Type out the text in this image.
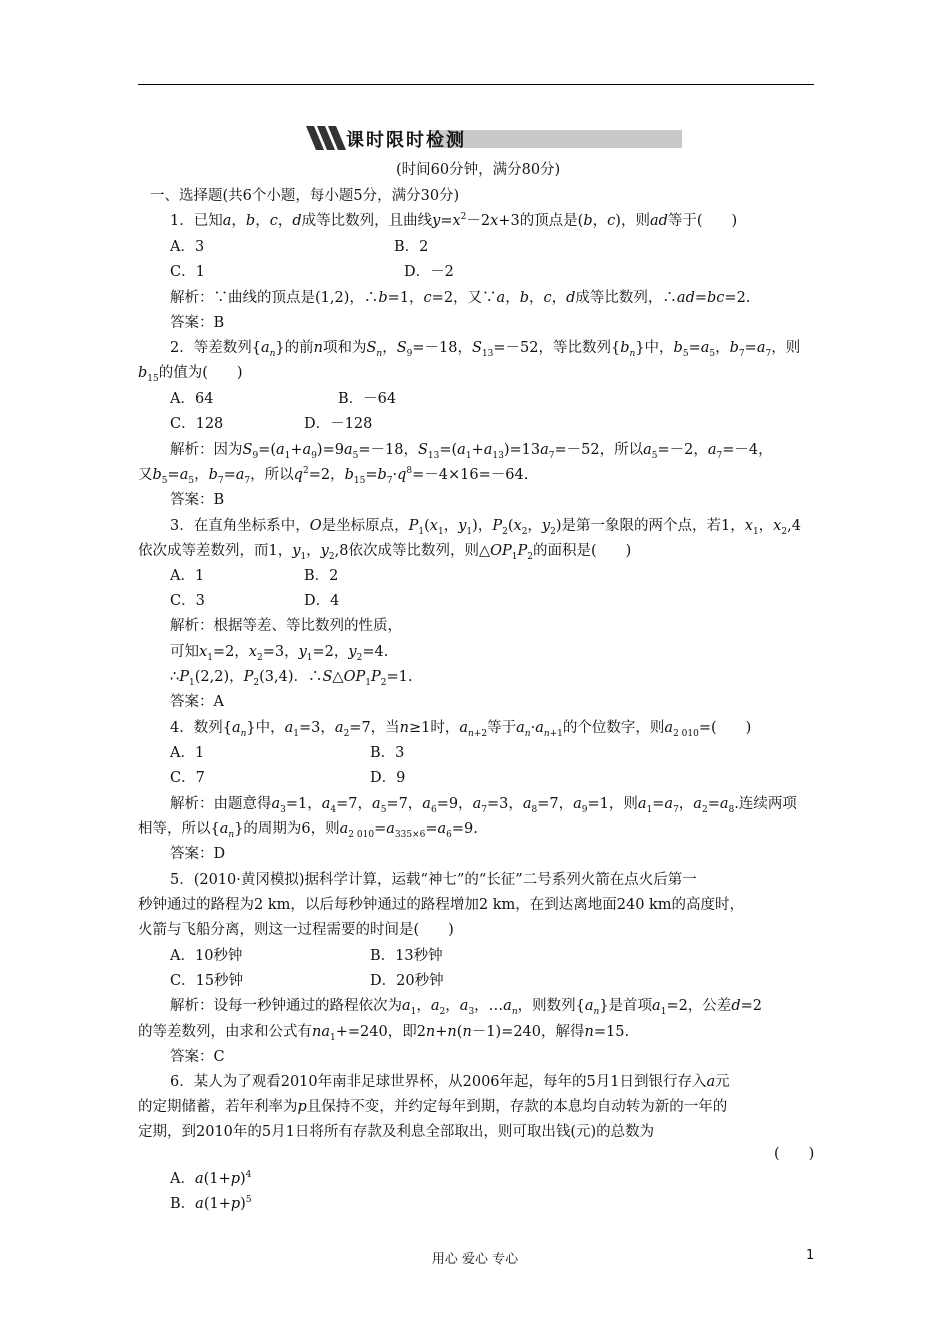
课时限时检测
(时间60分钟，满分80分)
一、选择题(共6个小题，每小题5分，满分30分)
1．已知a，b，c，d成等比数列，且曲线$y=x^2-2x+3$的顶点是(b，c)，则ad等于(　　)
A．3	B．2
C．1	D．－2
解析：∵曲线的顶点是(1,2)，∴b=1，c=2，又∵a，b，c，d成等比数列，∴ad=bc=2.
答案：B
2．等差数列$\{a_n\}$的前n项和为$S_n$，$S_9=-18$，$S_{13}=-52$，等比数列$\{b_n\}$中，$b_5=a_5$，$b_7=a_7$，则
$b_{15}$的值为(　　)
A．64	B．－64
C．128	D．－128
解析：因为$S_9=(a_1+a_9)=9a_5=-18$，$S_{13}=(a_1+a_{13})=13a_7=-52$，所以$a_5=-2$，$a_7=-4$，
又$b_5=a_5$，$b_7=a_7$，所以$q^2=2$，$b_{15}=b_7\cdot q^8=-4\times 16=-64$.
答案：B
3．在直角坐标系中，O是坐标原点，$P_1(x_1$，$y_1$)，$P_2(x_2$，$y_2$)是第一象限的两个点，若1，$x_1$，$x_2,4$
依次成等差数列，而1，$y_1$，$y_2,8$依次成等比数列，则$\triangle OP_1P_2$的面积是(　　)
A．1	B．2
C．3	D．4
解析：根据等差、等比数列的性质，
可知$x_1=2$，$x_2=3$，$y_1=2$，$y_2=4$.
$\therefore P_1(2,2)$，$P_2(3,4)$．$\therefore S\triangle OP_1P_2=1$.
答案：A
4．数列$\{a_n\}$中，$a_1=3$，$a_2=7$，当n≥1时，$a_{n+2}$等于$a_n\cdot a_{n+1}$的个位数字，则$a_{2 010}=$(　　)
A．1	B．3
C．7	D．9
解析：由题意得$a_3=1$，$a_4=7$，$a_5=7$，$a_6=9$，$a_7=3$，$a_8=7$，$a_9=1$，则$a_1=a_7$，$a_2=a_8$.连续两项
相等，所以$\{a_n\}$的周期为6，则$a_{2 010}=a_{335\times 6}=a_6=9$.
答案：D
5．(2010·黄冈模拟)据科学计算，运载“神七”的“长征”二号系列火箭在点火后第一
秒钟通过的路程为2 km，以后每秒钟通过的路程增加2 km，在到达离地面240 km的高度时，
火箭与飞船分离，则这一过程需要的时间是(　　)
A．10秒钟	B．13秒钟
C．15秒钟	D．20秒钟
解析：设每一秒钟通过的路程依次为$a_1$，$a_2$，$a_3$，$\dots a_n$，则数列$\{a_n\}$是首项$a_1=2$，公差d=2
的等差数列，由求和公式有$na_1+=240$，即2n+n(n－1)=240，解得n=15.
答案：C
6．某人为了观看2010年南非足球世界杯，从2006年起，每年的5月1日到银行存入a元
的定期储蓄，若年利率为p且保持不变，并约定每年到期，存款的本息均自动转为新的一年的
定期，到2010年的5月1日将所有存款及利息全部取出，则可取出钱(元)的总数为
(　　)
A．$a(1+p)^4$
B．$a(1+p)^5$
用心 爱心 专心	1
